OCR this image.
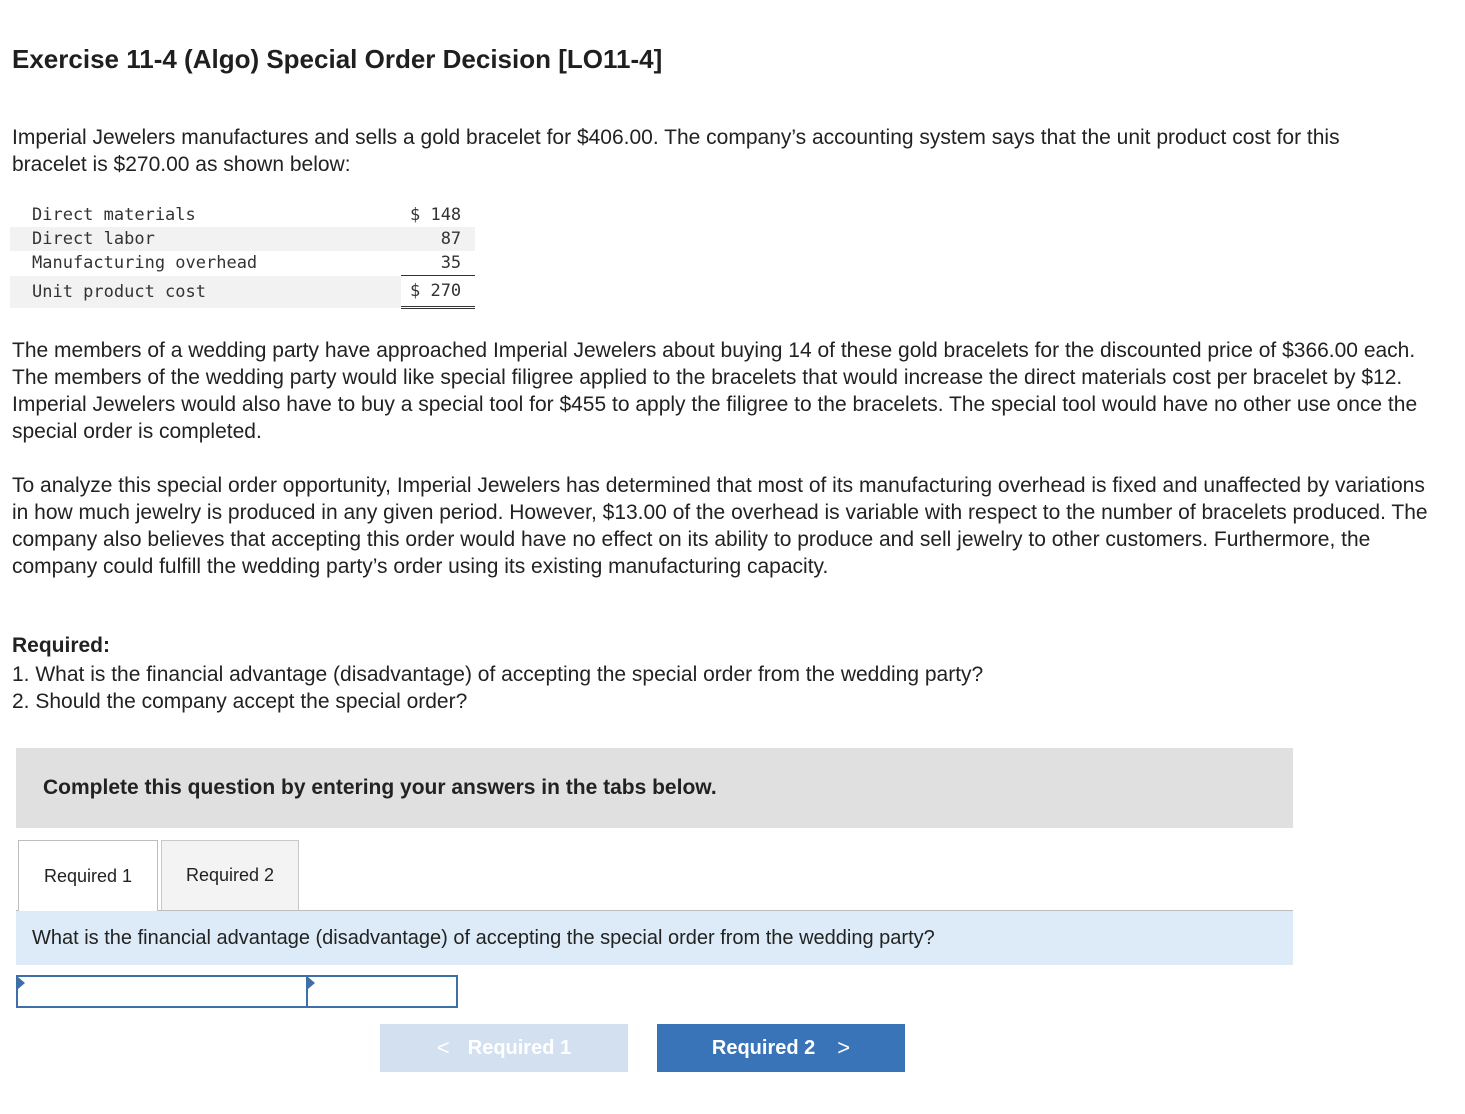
Exercise 11-4 (Algo) Special Order Decision [LO11-4]

Imperial Jewelers manufactures and sells a gold bracelet for $406.00. The company’s accounting system says that the unit product cost for this bracelet is $270.00 as shown below:

Direct materials		$ 148
Direct labor		87
Manufacturing overhead		35
Unit product cost		$ 270

The members of a wedding party have approached Imperial Jewelers about buying 14 of these gold bracelets for the discounted price of $366.00 each. The members of the wedding party would like special filigree applied to the bracelets that would increase the direct materials cost per bracelet by $12. Imperial Jewelers would also have to buy a special tool for $455 to apply the filigree to the bracelets. The special tool would have no other use once the special order is completed.

To analyze this special order opportunity, Imperial Jewelers has determined that most of its manufacturing overhead is fixed and unaffected by variations in how much jewelry is produced in any given period. However, $13.00 of the overhead is variable with respect to the number of bracelets produced. The company also believes that accepting this order would have no effect on its ability to produce and sell jewelry to other customers. Furthermore, the company could fulfill the wedding party’s order using its existing manufacturing capacity.

Required:
1. What is the financial advantage (disadvantage) of accepting the special order from the wedding party?
2. Should the company accept the special order?
Complete this question by entering your answers in the tabs below.
Required 1	Required 2
What is the financial advantage (disadvantage) of accepting the special order from the wedding party?
< Required 1	Required 2 >
